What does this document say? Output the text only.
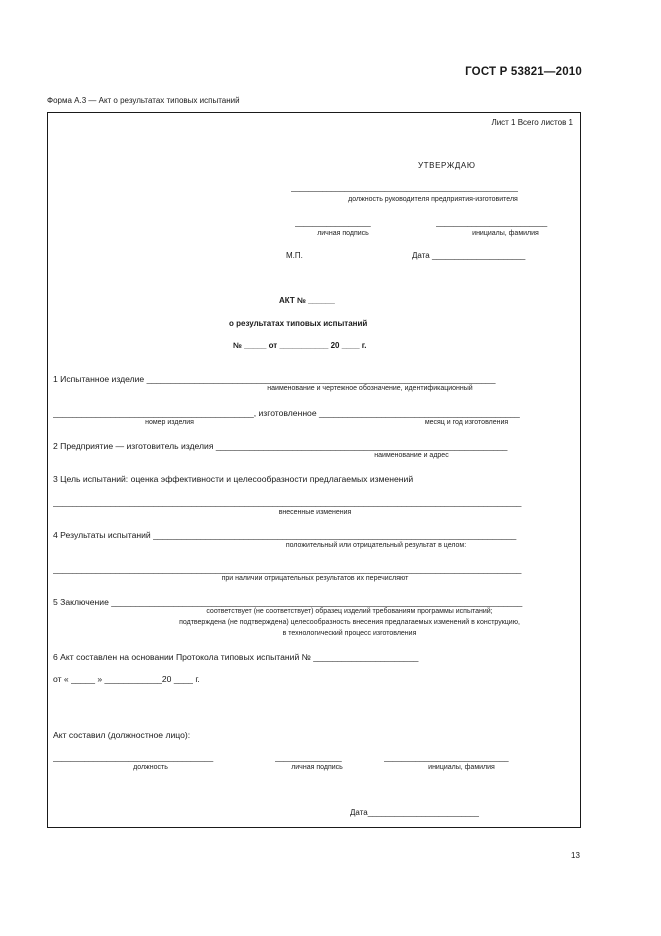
ГОСТ Р 53821—2010
Форма А.3 — Акт о результатах типовых испытаний
Лист 1 Всего листов 1
УТВЕРЖДАЮ
___________________________________________________
должность руководителя предприятия-изготовителя
_________________
личная подпись
_________________________
инициалы, фамилия
М.П.	Дата _____________________
АКТ № ______
о результатах типовых испытаний
№ _____ от ___________ 20 ____ г.
1 Испытанное изделие _________________________________________________________________________
наименование и чертежное обозначение, идентификационный
__________________________________________, изготовленное __________________________________________
номер изделия	месяц и год изготовления
2 Предприятие — изготовитель изделия _____________________________________________________________
наименование и адрес
3 Цель испытаний: оценка эффективности и целесообразности предлагаемых изменений
__________________________________________________________________________________________________
внесенные изменения
4 Результаты испытаний ____________________________________________________________________________
положительный или отрицательный результат в целом:
__________________________________________________________________________________________________
при наличии отрицательных результатов их перечисляют
5 Заключение ______________________________________________________________________________________
соответствует (не соответствует) образец изделий требованиям программы испытаний;
подтверждена (не подтверждена) целесообразность внесения предлагаемых изменений в конструкцию,
в технологический процесс изготовления
6 Акт составлен на основании Протокола типовых испытаний № ______________________
от « _____ » ____________20 ____ г.
Акт составил (должностное лицо):
____________________________________
должность
_______________
личная подпись
____________________________
инициалы, фамилия
Дата_________________________
13
